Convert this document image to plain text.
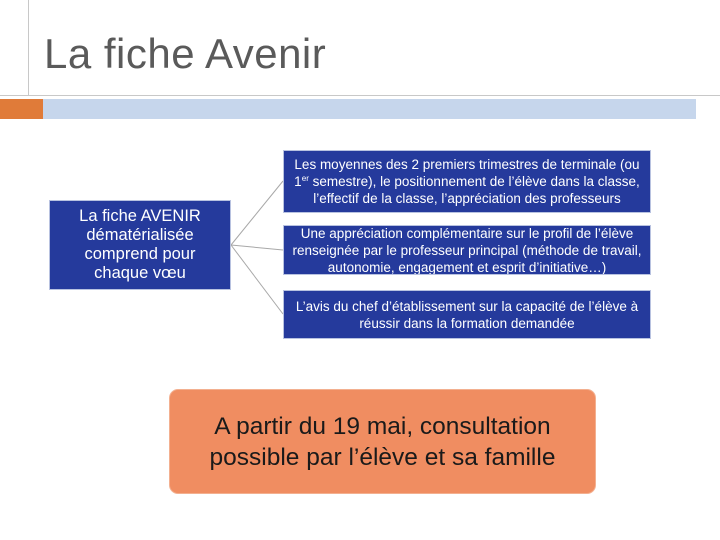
La fiche Avenir
La fiche AVENIR dématérialisée comprend pour chaque vœu
Les moyennes des 2 premiers trimestres de terminale (ou 1er semestre), le positionnement de l’élève dans la classe, l’effectif de la classe, l’appréciation des professeurs
Une appréciation complémentaire sur le profil de l’élève renseignée par le professeur principal (méthode de travail, autonomie, engagement et esprit d’initiative…)
L’avis du chef d’établissement sur la capacité de l’élève à réussir dans la formation demandée
A partir du 19 mai, consultation possible par l’élève et sa famille
